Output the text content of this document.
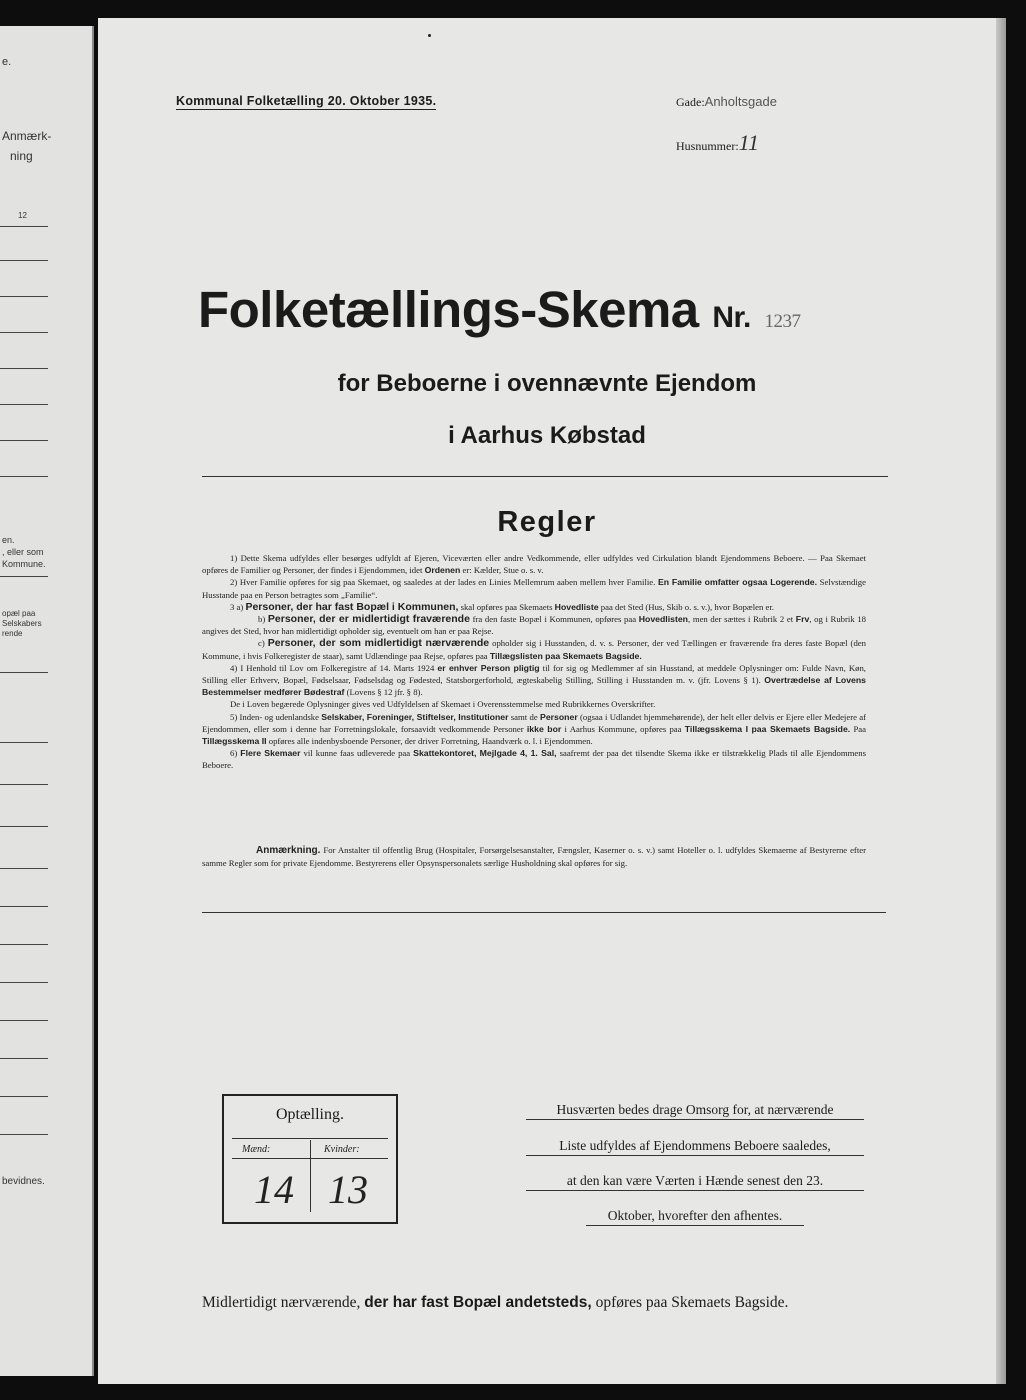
e.
Anmærk-
ning
12
en.
, eller som
Kommune.
opæl paa
Selskabers
rende
bevidnes.
Kommunal Folketælling 20. Oktober 1935.	Gade:Anholtsgade
Husnummer:11
Folketællings-Skema Nr. 1237
for Beboerne i ovennævnte Ejendom
i Aarhus Købstad
Regler

1) Dette Skema udfyldes eller besørges udfyldt af Ejeren, Viceværten eller andre Vedkommende, eller udfyldes ved Cirkulation blandt Ejendommens Beboere. — Paa Skemaet opføres de Familier og Personer, der findes i Ejendommen, idet Ordenen er: Kælder, Stue o. s. v.

2) Hver Familie opføres for sig paa Skemaet, og saaledes at der lades en Linies Mellemrum aaben mellem hver Familie. En Familie omfatter ogsaa Logerende. Selvstændige Husstande paa en Person betragtes som „Familie“.

3 a) Personer, der har fast Bopæl i Kommunen, skal opføres paa Skemaets Hovedliste paa det Sted (Hus, Skib o. s. v.), hvor Bopælen er.

b) Personer, der er midlertidigt fraværende fra den faste Bopæl i Kommunen, opføres paa Hovedlisten, men der sættes i Rubrik 2 et Frv, og i Rubrik 18 angives det Sted, hvor han midlertidigt opholder sig, eventuelt om han er paa Rejse.

c) Personer, der som midlertidigt nærværende opholder sig i Husstanden, d. v. s. Personer, der ved Tællingen er fraværende fra deres faste Bopæl (den Kommune, i hvis Folkeregister de staar), samt Udlændinge paa Rejse, opføres paa Tillægslisten paa Skemaets Bagside.

4) I Henhold til Lov om Folkeregistre af 14. Marts 1924 er enhver Person pligtig til for sig og Medlemmer af sin Husstand, at meddele Oplysninger om: Fulde Navn, Køn, Stilling eller Erhverv, Bopæl, Fødselsaar, Fødselsdag og Fødested, Statsborgerforhold, ægteskabelig Stilling, Stilling i Husstanden m. v. (jfr. Lovens § 1). Overtrædelse af Lovens Bestemmelser medfører Bødestraf (Lovens § 12 jfr. § 8).

De i Loven begærede Oplysninger gives ved Udfyldelsen af Skemaet i Overensstemmelse med Rubrikkernes Overskrifter.

5) Inden- og udenlandske Selskaber, Foreninger, Stiftelser, Institutioner samt de Personer (ogsaa i Udlandet hjemmehørende), der helt eller delvis er Ejere eller Medejere af Ejendommen, eller som i denne har Forretningslokale, forsaavidt vedkommende Personer ikke bor i Aarhus Kommune, opføres paa Tillægsskema I paa Skemaets Bagside. Paa Tillægsskema II opføres alle indenbysboende Personer, der driver Forretning, Haandværk o. l. i Ejendommen.

6) Flere Skemaer vil kunne faas udleverede paa Skattekontoret, Mejlgade 4, 1. Sal, saafremt der paa det tilsendte Skema ikke er tilstrækkelig Plads til alle Ejendommens Beboere.

Anmærkning. For Anstalter til offentlig Brug (Hospitaler, Forsørgelsesanstalter, Fængsler, Kaserner o. s. v.) samt Hoteller o. l. udfyldes Skemaerne af Bestyrerne efter samme Regler som for private Ejendomme. Bestyrerens eller Opsynspersonalets særlige Husholdning skal opføres for sig.

Optælling.
Mænd:	Kvinder:
14 13
Husværten bedes drage Omsorg for, at nærværende
Liste udfyldes af Ejendommens Beboere saaledes,
at den kan være Værten i Hænde senest den 23.
Oktober, hvorefter den afhentes.
Midlertidigt nærværende, der har fast Bopæl andetsteds, opføres paa Skemaets Bagside.
